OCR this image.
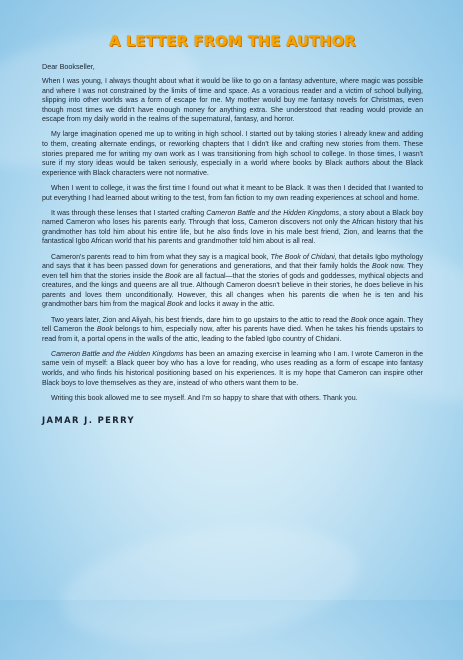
A LETTER FROM THE AUTHOR
Dear Bookseller,

When I was young, I always thought about what it would be like to go on a fantasy adventure, where magic was possible and where I was not constrained by the limits of time and space. As a voracious reader and a victim of school bullying, slipping into other worlds was a form of escape for me. My mother would buy me fantasy novels for Christmas, even though most times we didn't have enough money for anything extra. She understood that reading would provide an escape from my daily world in the realms of the supernatural, fantasy, and horror.

My large imagination opened me up to writing in high school. I started out by taking stories I already knew and adding to them, creating alternate endings, or reworking chapters that I didn't like and crafting new stories from them. These stories prepared me for writing my own work as I was transitioning from high school to college. In those times, I wasn't sure if my story ideas would be taken seriously, especially in a world where books by Black authors about the Black experience with Black characters were not normative.

When I went to college, it was the first time I found out what it meant to be Black. It was then I decided that I wanted to put everything I had learned about writing to the test, from fan fiction to my own reading experiences at school and home.

It was through these lenses that I started crafting Cameron Battle and the Hidden Kingdoms, a story about a Black boy named Cameron who loses his parents early. Through that loss, Cameron discovers not only the African history that his grandmother has told him about his entire life, but he also finds love in his male best friend, Zion, and learns that the fantastical Igbo African world that his parents and grandmother told him about is all real.

Cameron's parents read to him from what they say is a magical book, The Book of Chidani, that details Igbo mythology and says that it has been passed down for generations and generations, and that their family holds the Book now. They even tell him that the stories inside the Book are all factual—that the stories of gods and goddesses, mythical objects and creatures, and the kings and queens are all true. Although Cameron doesn't believe in their stories, he does believe in his parents and loves them unconditionally. However, this all changes when his parents die when he is ten and his grandmother bars him from the magical Book and locks it away in the attic.

Two years later, Zion and Aliyah, his best friends, dare him to go upstairs to the attic to read the Book once again. They tell Cameron the Book belongs to him, especially now, after his parents have died. When he takes his friends upstairs to read from it, a portal opens in the walls of the attic, leading to the fabled Igbo country of Chidani.

Cameron Battle and the Hidden Kingdoms has been an amazing exercise in learning who I am. I wrote Cameron in the same vein of myself: a Black queer boy who has a love for reading, who uses reading as a form of escape into fantasy worlds, and who finds his historical positioning based on his experiences. It is my hope that Cameron can inspire other Black boys to love themselves as they are, instead of who others want them to be.

Writing this book allowed me to see myself. And I'm so happy to share that with others. Thank you.

JAMAR J. PERRY
